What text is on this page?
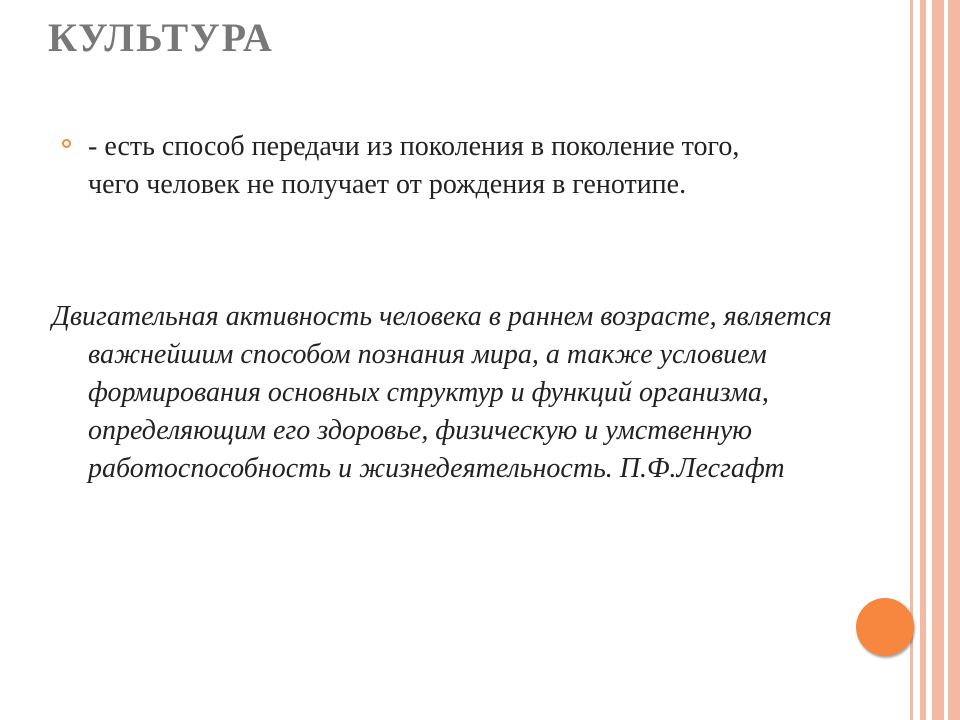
КУЛЬТУРА
- есть способ передачи из поколения в поколение того, чего человек не получает от рождения в генотипе.
Двигательная активность человека в раннем возрасте, является важнейшим способом познания мира, а также условием формирования основных структур и функций организма, определяющим его здоровье, физическую и умственную работоспособность и жизнедеятельность. П.Ф.Лесгафт
